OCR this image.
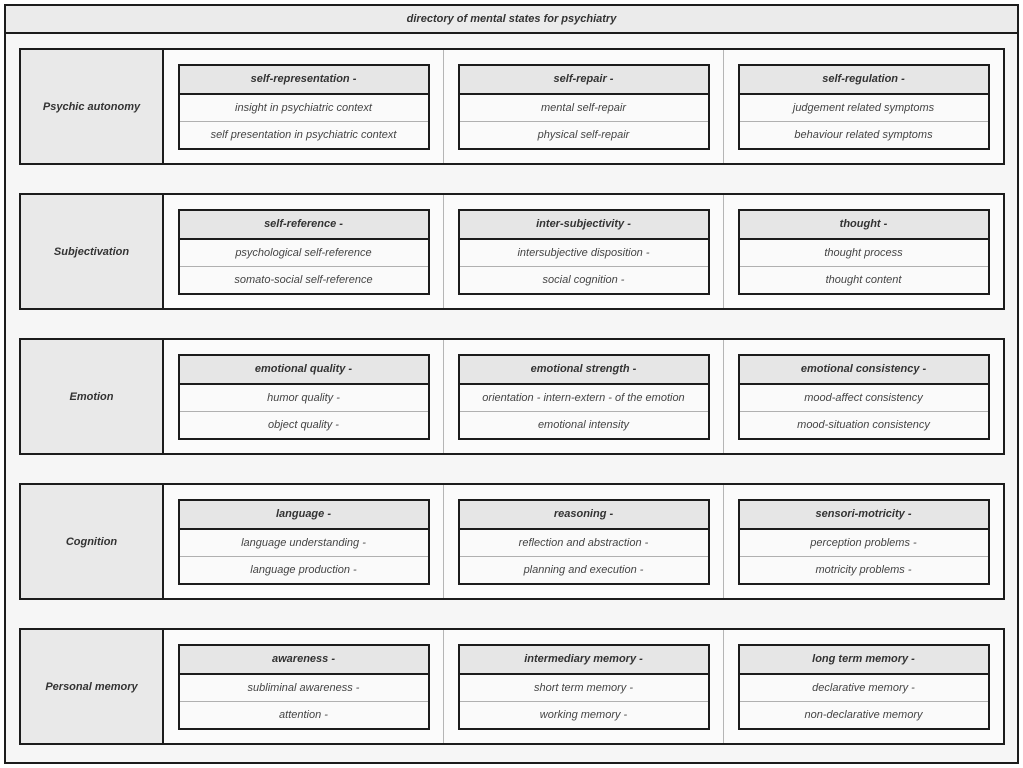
directory of mental states for psychiatry
Psychic autonomy
self-representation -
insight in psychiatric context
self presentation in psychiatric context
self-repair -
mental self-repair
physical self-repair
self-regulation -
judgement related symptoms
behaviour related symptoms
Subjectivation
self-reference -
psychological self-reference
somato-social self-reference
inter-subjectivity -
intersubjective disposition -
social cognition -
thought -
thought process
thought content
Emotion
emotional quality -
humor quality -
object quality -
emotional strength -
orientation - intern-extern - of the emotion
emotional intensity
emotional consistency -
mood-affect consistency
mood-situation consistency
Cognition
language -
language understanding -
language production -
reasoning -
reflection and abstraction -
planning and execution -
sensori-motricity -
perception problems -
motricity problems -
Personal memory
awareness -
subliminal awareness -
attention -
intermediary memory -
short term memory -
working memory -
long term memory -
declarative memory -
non-declarative memory
